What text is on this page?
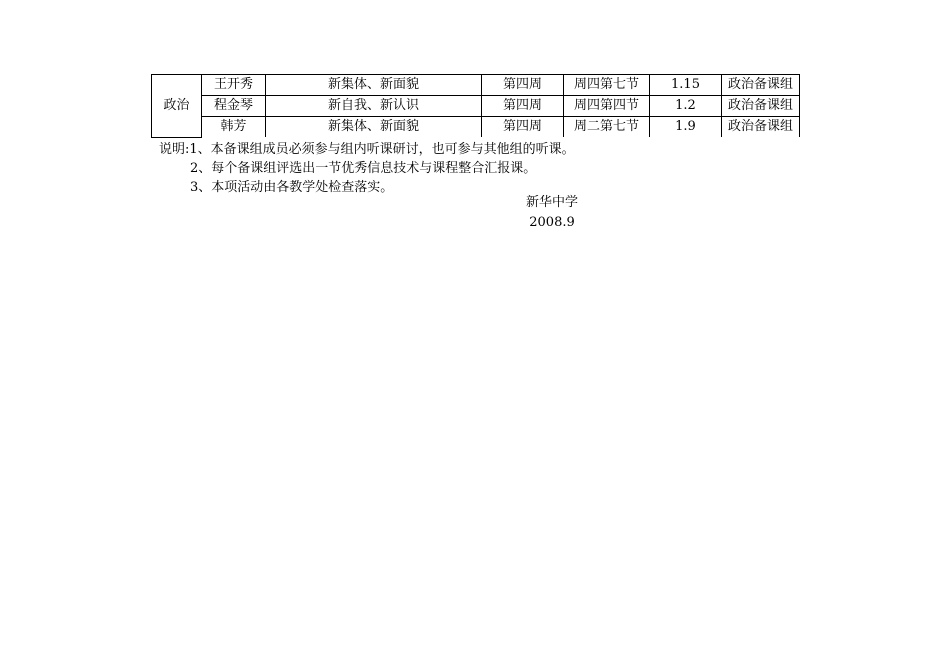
政治	王开秀	新集体、新面貌	第四周	周四第七节	1.15	政治备课组
	程金琴	新自我、新认识	第四周	周四第四节	1.2	政治备课组
	韩芳	新集体、新面貌	第四周	周二第七节	1.9	政治备课组
说明:1、本备课组成员必须参与组内听课研讨，也可参与其他组的听课。
2、每个备课组评选出一节优秀信息技术与课程整合汇报课。
3、本项活动由各教学处检查落实。
新华中学
2008.9
